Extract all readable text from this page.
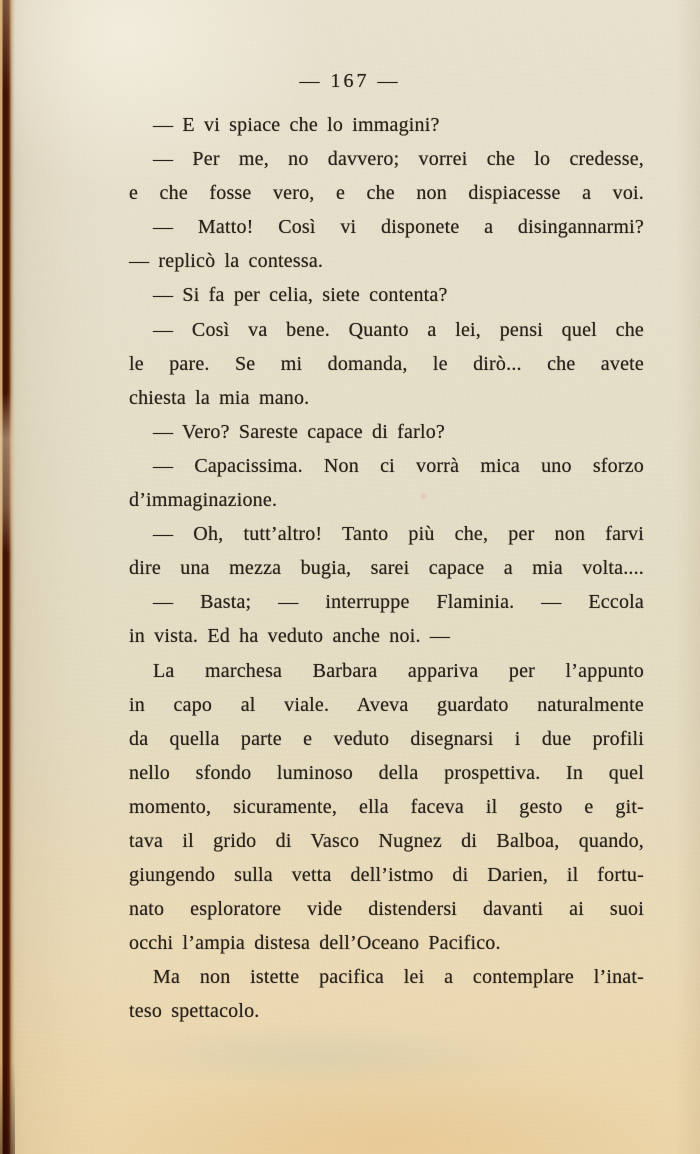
— 167 —
— E vi spiace che lo immagini?
— Per me, no davvero; vorrei che lo credesse,
e che fosse vero, e che non dispiacesse a voi.
— Matto! Così vi disponete a disingannarmi?
— replicò la contessa.
— Si fa per celia, siete contenta?
— Così va bene. Quanto a lei, pensi quel che
le pare. Se mi domanda, le dirò... che avete
chiesta la mia mano.
— Vero? Sareste capace di farlo?
— Capacissima. Non ci vorrà mica uno sforzo
d’immaginazione.
— Oh, tutt’altro! Tanto più che, per non farvi
dire una mezza bugia, sarei capace a mia volta....
— Basta; — interruppe Flaminia. — Eccola
in vista. Ed ha veduto anche noi. —
La marchesa Barbara appariva per l’appunto
in capo al viale. Aveva guardato naturalmente
da quella parte e veduto disegnarsi i due profili
nello sfondo luminoso della prospettiva. In quel
momento, sicuramente, ella faceva il gesto e git-
tava il grido di Vasco Nugnez di Balboa, quando,
giungendo sulla vetta dell’istmo di Darien, il fortu-
nato esploratore vide distendersi davanti ai suoi
occhi l’ampia distesa dell’Oceano Pacifico.
Ma non istette pacifica lei a contemplare l’inat-
teso spettacolo.
